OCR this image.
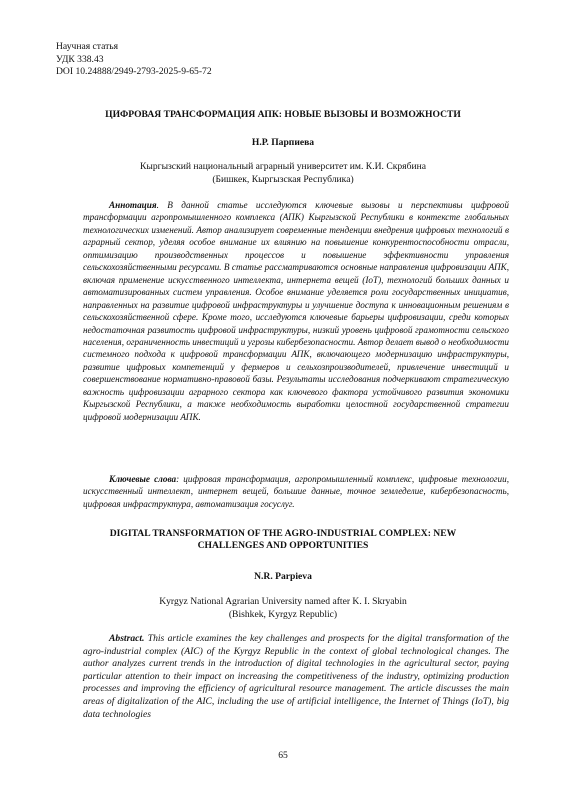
Научная статья
УДК 338.43
DOI 10.24888/2949-2793-2025-9-65-72
ЦИФРОВАЯ ТРАНСФОРМАЦИЯ АПК: НОВЫЕ ВЫЗОВЫ И ВОЗМОЖНОСТИ
Н.Р. Парпиева
Кыргызский национальный аграрный университет им. К.И. Скрябина
(Бишкек, Кыргызская Республика)
Аннотация. В данной статье исследуются ключевые вызовы и перспективы цифровой трансформации агропромышленного комплекса (АПК) Кыргызской Республики в контексте глобальных технологических изменений. Автор анализирует современные тенденции внедрения цифровых технологий в аграрный сектор, уделяя особое внимание их влиянию на повышение конкурентоспособности отрасли, оптимизацию производственных процессов и повышение эффективности управления сельскохозяйственными ресурсами. В статье рассматриваются основные направления цифровизации АПК, включая применение искусственного интеллекта, интернета вещей (IoT), технологий больших данных и автоматизированных систем управления. Особое внимание уделяется роли государственных инициатив, направленных на развитие цифровой инфраструктуры и улучшение доступа к инновационным решениям в сельскохозяйственной сфере. Кроме того, исследуются ключевые барьеры цифровизации, среди которых недостаточная развитость цифровой инфраструктуры, низкий уровень цифровой грамотности сельского населения, ограниченность инвестиций и угрозы кибербезопасности. Автор делает вывод о необходимости системного подхода к цифровой трансформации АПК, включающего модернизацию инфраструктуры, развитие цифровых компетенций у фермеров и сельхозпроизводителей, привлечение инвестиций и совершенствование нормативно-правовой базы. Результаты исследования подчеркивают стратегическую важность цифровизации аграрного сектора как ключевого фактора устойчивого развития экономики Кыргызской Республики, а также необходимость выработки целостной государственной стратегии цифровой модернизации АПК.
Ключевые слова: цифровая трансформация, агропромышленный комплекс, цифровые технологии, искусственный интеллект, интернет вещей, большие данные, точное земледелие, кибербезопасность, цифровая инфраструктура, автоматизация госуслуг.
DIGITAL TRANSFORMATION OF THE AGRO-INDUSTRIAL COMPLEX: NEW
CHALLENGES AND OPPORTUNITIES
N.R. Parpieva
Kyrgyz National Agrarian University named after K. I. Skryabin
(Bishkek, Kyrgyz Republic)
Abstract. This article examines the key challenges and prospects for the digital transformation of the agro-industrial complex (AIC) of the Kyrgyz Republic in the context of global technological changes. The author analyzes current trends in the introduction of digital technologies in the agricultural sector, paying particular attention to their impact on increasing the competitiveness of the industry, optimizing production processes and improving the efficiency of agricultural resource management. The article discusses the main areas of digitalization of the AIC, including the use of artificial intelligence, the Internet of Things (IoT), big data technologies
65
